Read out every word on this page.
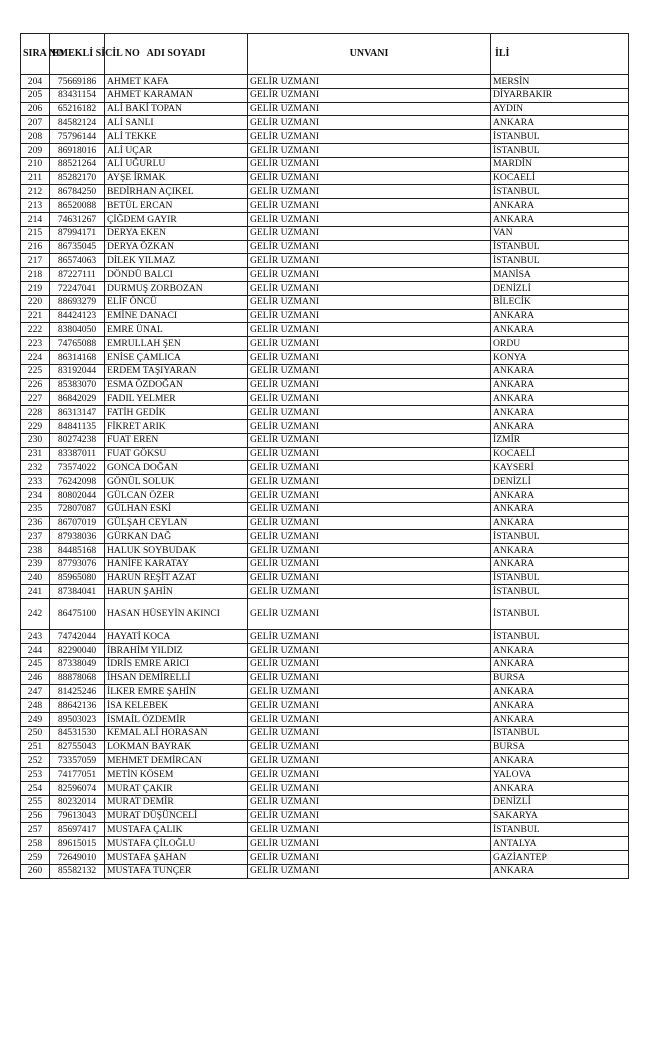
SIRA NO	EMEKLİ SİCİL NO	ADI SOYADI	UNVANI	İLİ
204	75669186	AHMET KAFA	GELİR UZMANI	MERSİN
205	83431154	AHMET KARAMAN	GELİR UZMANI	DİYARBAKIR
206	65216182	ALİ BAKİ TOPAN	GELİR UZMANI	AYDIN
207	84582124	ALİ SANLI	GELİR UZMANI	ANKARA
208	75796144	ALİ TEKKE	GELİR UZMANI	İSTANBUL
209	86918016	ALİ UÇAR	GELİR UZMANI	İSTANBUL
210	88521264	ALİ UĞURLU	GELİR UZMANI	MARDİN
211	85282170	AYŞE İRMAK	GELİR UZMANI	KOCAELİ
212	86784250	BEDİRHAN AÇIKEL	GELİR UZMANI	İSTANBUL
213	86520088	BETÜL ERCAN	GELİR UZMANI	ANKARA
214	74631267	ÇİĞDEM GAYIR	GELİR UZMANI	ANKARA
215	87994171	DERYA EKEN	GELİR UZMANI	VAN
216	86735045	DERYA ÖZKAN	GELİR UZMANI	İSTANBUL
217	86574063	DİLEK YILMAZ	GELİR UZMANI	İSTANBUL
218	87227111	DÖNDÜ BALCI	GELİR UZMANI	MANİSA
219	72247041	DURMUŞ ZORBOZAN	GELİR UZMANI	DENİZLİ
220	88693279	ELİF ÖNCÜ	GELİR UZMANI	BİLECİK
221	84424123	EMİNE DANACI	GELİR UZMANI	ANKARA
222	83804050	EMRE ÜNAL	GELİR UZMANI	ANKARA
223	74765088	EMRULLAH ŞEN	GELİR UZMANI	ORDU
224	86314168	ENİSE ÇAMLICA	GELİR UZMANI	KONYA
225	83192044	ERDEM TAŞIYARAN	GELİR UZMANI	ANKARA
226	85383070	ESMA ÖZDOĞAN	GELİR UZMANI	ANKARA
227	86842029	FADIL YELMER	GELİR UZMANI	ANKARA
228	86313147	FATİH GEDİK	GELİR UZMANI	ANKARA
229	84841135	FİKRET ARIK	GELİR UZMANI	ANKARA
230	80274238	FUAT EREN	GELİR UZMANI	İZMİR
231	83387011	FUAT GÖKSU	GELİR UZMANI	KOCAELİ
232	73574022	GONCA DOĞAN	GELİR UZMANI	KAYSERİ
233	76242098	GÖNÜL SOLUK	GELİR UZMANI	DENİZLİ
234	80802044	GÜLCAN ÖZER	GELİR UZMANI	ANKARA
235	72807087	GÜLHAN ESKİ	GELİR UZMANI	ANKARA
236	86707019	GÜLŞAH CEYLAN	GELİR UZMANI	ANKARA
237	87938036	GÜRKAN DAĞ	GELİR UZMANI	İSTANBUL
238	84485168	HALUK SOYBUDAK	GELİR UZMANI	ANKARA
239	87793076	HANİFE KARATAY	GELİR UZMANI	ANKARA
240	85965080	HARUN REŞİT AZAT	GELİR UZMANI	İSTANBUL
241	87384041	HARUN ŞAHİN	GELİR UZMANI	İSTANBUL
242	86475100	HASAN HÜSEYİN AKINCI	GELİR UZMANI	İSTANBUL
243	74742044	HAYATİ KOCA	GELİR UZMANI	İSTANBUL
244	82290040	İBRAHİM YILDIZ	GELİR UZMANI	ANKARA
245	87338049	İDRİS EMRE ARICI	GELİR UZMANI	ANKARA
246	88878068	İHSAN DEMİRELLİ	GELİR UZMANI	BURSA
247	81425246	İLKER EMRE ŞAHİN	GELİR UZMANI	ANKARA
248	88642136	İSA KELEBEK	GELİR UZMANI	ANKARA
249	89503023	İSMAİL ÖZDEMİR	GELİR UZMANI	ANKARA
250	84531530	KEMAL ALİ HORASAN	GELİR UZMANI	İSTANBUL
251	82755043	LOKMAN BAYRAK	GELİR UZMANI	BURSA
252	73357059	MEHMET DEMİRCAN	GELİR UZMANI	ANKARA
253	74177051	METİN KÖSEM	GELİR UZMANI	YALOVA
254	82596074	MURAT ÇAKIR	GELİR UZMANI	ANKARA
255	80232014	MURAT DEMİR	GELİR UZMANI	DENİZLİ
256	79613043	MURAT DÜŞÜNCELİ	GELİR UZMANI	SAKARYA
257	85697417	MUSTAFA ÇALIK	GELİR UZMANI	İSTANBUL
258	89615015	MUSTAFA ÇİLOĞLU	GELİR UZMANI	ANTALYA
259	72649010	MUSTAFA ŞAHAN	GELİR UZMANI	GAZİANTEP
260	85582132	MUSTAFA TUNÇER	GELİR UZMANI	ANKARA
